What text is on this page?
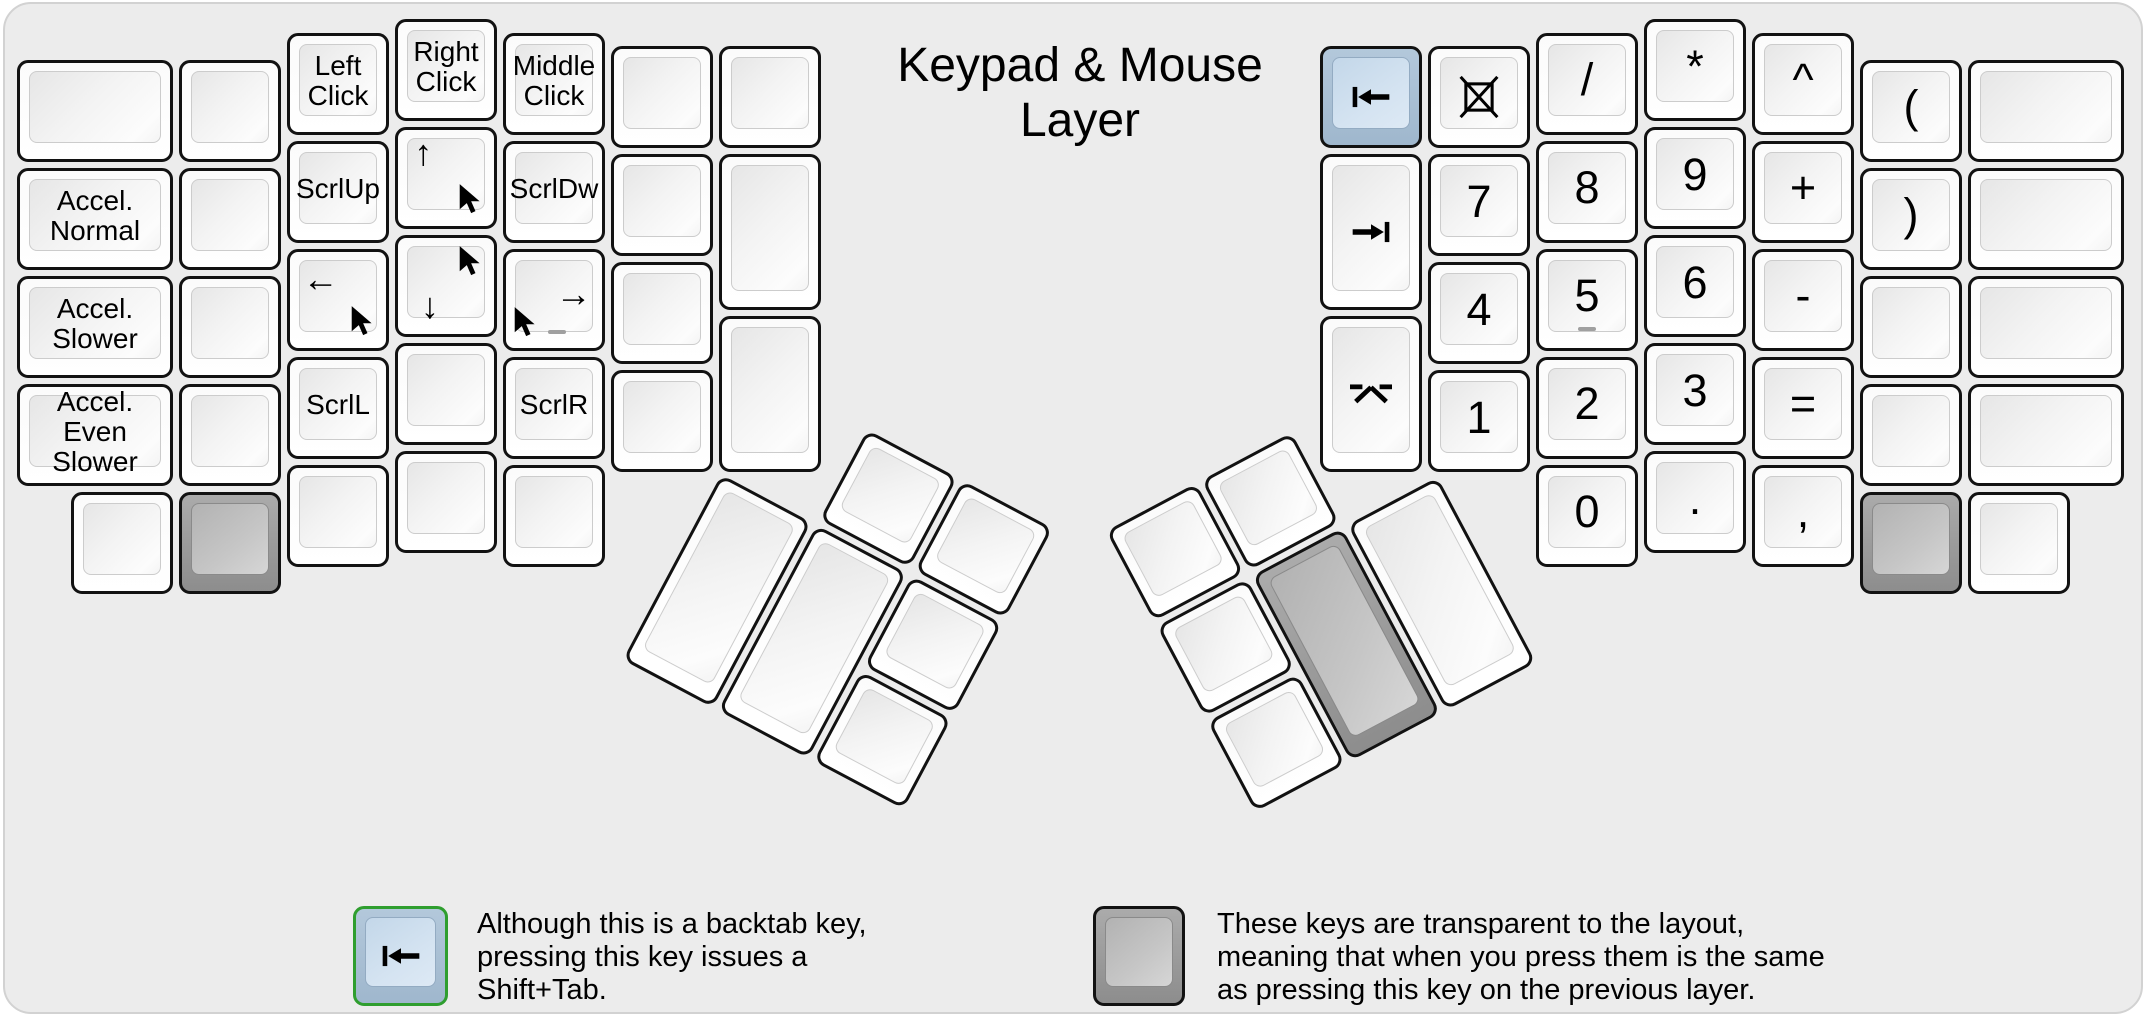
Keypad & Mouse
Layer
Accel.
Normal
Accel.
Slower
Accel.
Even
Slower
Left
Click
ScrlUp
←
ScrlL
Right
Click
↑
↓
Middle
Click
ScrlDw
→
ScrlR
7
4
1
/
8
5
2
0
*
9
6
3
.
^
+
-
=
,
(
)
Although this is a backtab key,
pressing this key issues a
Shift+Tab.
These keys are transparent to the layout,
meaning that when you press them is the same
as pressing this key on the previous layer.
